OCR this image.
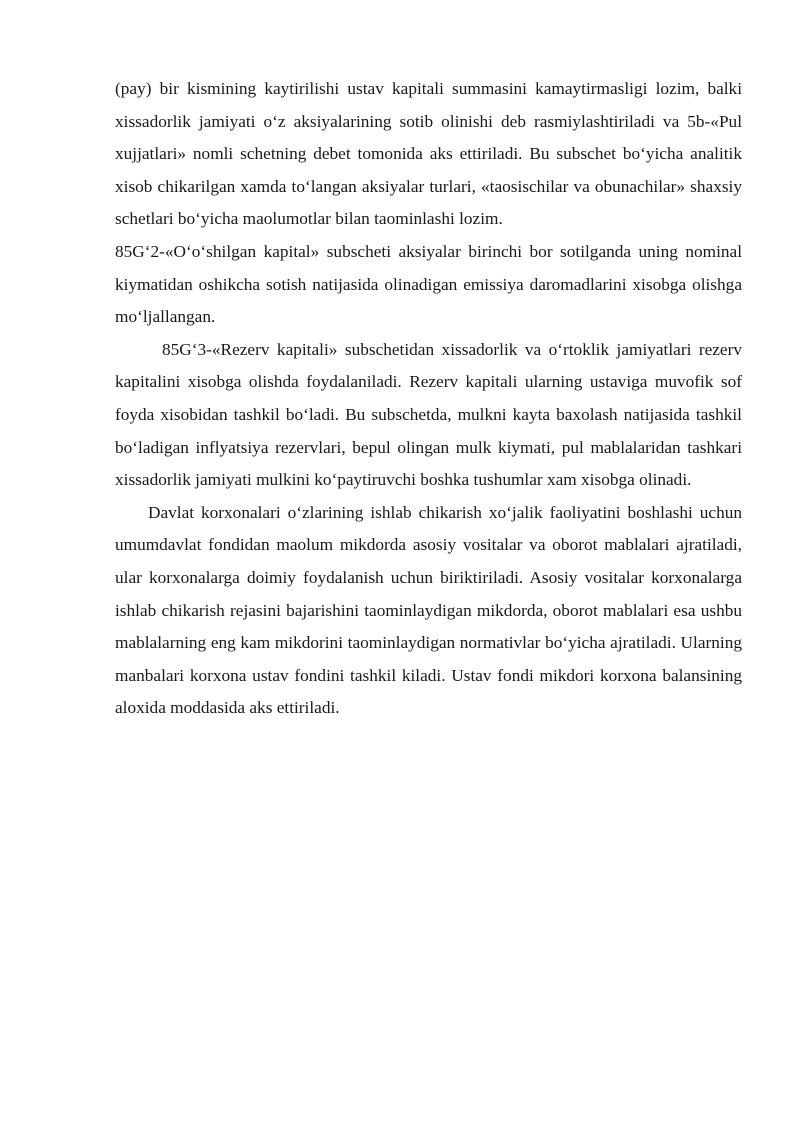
(pay) bir kismining kaytirilishi ustav kapitali summasini kamaytirmasligi lozim, balki xissadorlik jamiyati o‘z aksiyalarining sotib olinishi deb rasmiylashtiriladi va 5b-«Pul xujjatlari» nomli schetning debet tomonida aks ettiriladi. Bu subschet bo‘yicha analitik xisob chikarilgan xamda to‘langan aksiyalar turlari, «taosischilar va obunachilar» shaxsiy schetlari bo‘yicha maolumotlar bilan taominlashi lozim.

85G‘2-«O‘o‘shilgan kapital» subscheti aksiyalar birinchi bor sotilganda uning nominal kiymatidan oshikcha sotish natijasida olinadigan emissiya daromadlarini xisobga olishga mo‘ljallangan.

85G‘3-«Rezerv kapitali» subschetidan xissadorlik va o‘rtoklik jamiyatlari rezerv kapitalini xisobga olishda foydalaniladi. Rezerv kapitali ularning ustaviga muvofik sof foyda xisobidan tashkil bo‘ladi. Bu subschetda, mulkni kayta baxolash natijasida tashkil bo‘ladigan inflyatsiya rezervlari, bepul olingan mulk kiymati, pul mablalaridan tashkari xissadorlik jamiyati mulkini ko‘paytiruvchi boshka tushumlar xam xisobga olinadi.

Davlat korxonalari o‘zlarining ishlab chikarish xo‘jalik faoliyatini boshlashi uchun umumdavlat fondidan maolum mikdorda asosiy vositalar va oborot mablalari ajratiladi, ular korxonalarga doimiy foydalanish uchun biriktiriladi. Asosiy vositalar korxonalarga ishlab chikarish rejasini bajarishini taominlaydigan mikdorda, oborot mablalari esa ushbu mablalarning eng kam mikdorini taominlaydigan normativlar bo‘yicha ajratiladi. Ularning manbalari korxona ustav fondini tashkil kiladi. Ustav fondi mikdori korxona balansining aloxida moddasida aks ettiriladi.
